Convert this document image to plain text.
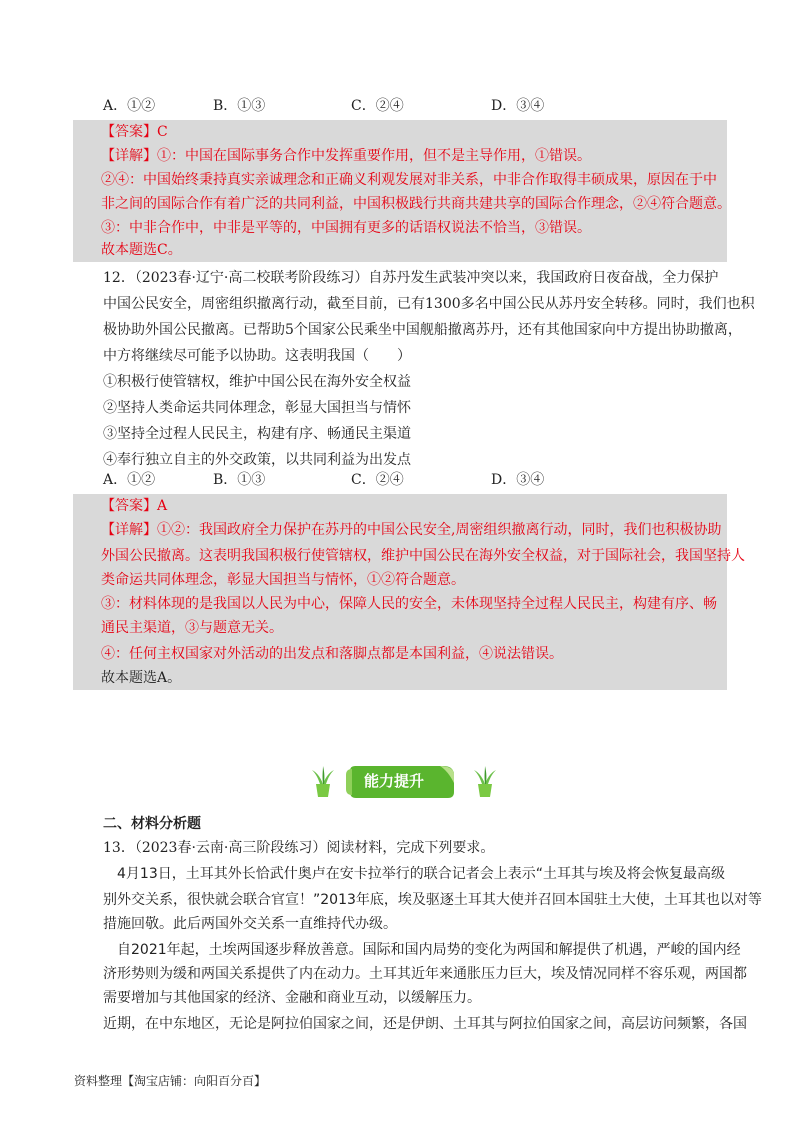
A．①②	B．①③	C．②④	D．③④
【答案】C
【详解】①：中国在国际事务合作中发挥重要作用，但不是主导作用，①错误。
②④：中国始终秉持真实亲诚理念和正确义利观发展对非关系，中非合作取得丰硕成果，原因在于中
非之间的国际合作有着广泛的共同利益，中国积极践行共商共建共享的国际合作理念，②④符合题意。
③：中非合作中，中非是平等的，中国拥有更多的话语权说法不恰当，③错误。
故本题选C。
12．（2023春·辽宁·高二校联考阶段练习）自苏丹发生武装冲突以来，我国政府日夜奋战，全力保护
中国公民安全，周密组织撤离行动，截至目前，已有1300多名中国公民从苏丹安全转移。同时，我们也积
极协助外国公民撤离。已帮助5个国家公民乘坐中国舰船撤离苏丹，还有其他国家向中方提出协助撤离，
中方将继续尽可能予以协助。这表明我国（　　）
①积极行使管辖权，维护中国公民在海外安全权益
②坚持人类命运共同体理念，彰显大国担当与情怀
③坚持全过程人民民主，构建有序、畅通民主渠道
④奉行独立自主的外交政策，以共同利益为出发点
A．①②	B．①③	C．②④	D．③④
【答案】A
【详解】①②：我国政府全力保护在苏丹的中国公民安全,周密组织撤离行动，同时，我们也积极协助
外国公民撤离。这表明我国积极行使管辖权，维护中国公民在海外安全权益，对于国际社会，我国坚持人
类命运共同体理念，彰显大国担当与情怀，①②符合题意。
③：材料体现的是我国以人民为中心，保障人民的安全，未体现坚持全过程人民民主，构建有序、畅
通民主渠道，③与题意无关。
④：任何主权国家对外活动的出发点和落脚点都是本国利益，④说法错误。
故本题选A。
能力提升
二、材料分析题
13．（2023春·云南·高三阶段练习）阅读材料，完成下列要求。
4月13日，土耳其外长恰武什奥卢在安卡拉举行的联合记者会上表示“土耳其与埃及将会恢复最高级
别外交关系，很快就会联合官宣！”2013年底，埃及驱逐土耳其大使并召回本国驻土大使，土耳其也以对等
措施回敬。此后两国外交关系一直维持代办级。
自2021年起，土埃两国逐步释放善意。国际和国内局势的变化为两国和解提供了机遇，严峻的国内经
济形势则为缓和两国关系提供了内在动力。土耳其近年来通胀压力巨大，埃及情况同样不容乐观，两国都
需要增加与其他国家的经济、金融和商业互动，以缓解压力。
近期，在中东地区，无论是阿拉伯国家之间，还是伊朗、土耳其与阿拉伯国家之间，高层访问频繁，各国
资料整理【淘宝店铺：向阳百分百】
